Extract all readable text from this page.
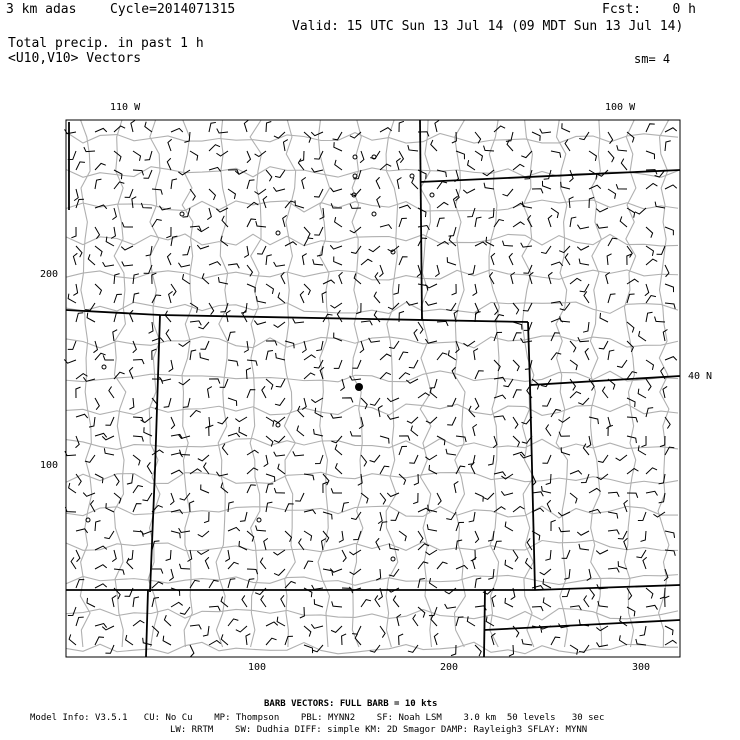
3 km adas	Cycle=2014071315	Fcst:    0 h
Valid: 15 UTC Sun 13 Jul 14 (09 MDT Sun 13 Jul 14)
Total precip. in past 1 h
<U10,V10> Vectors	sm= 4
110 W	100 W
200
100
100	200	300
40 N
BARB VECTORS: FULL BARB = 10 kts
Model Info: V3.5.1   CU: No Cu    MP: Thompson    PBL: MYNN2    SF: Noah LSM    3.0 km  50 levels   30 sec
LW: RRTM    SW: Dudhia DIFF: simple KM: 2D Smagor DAMP: Rayleigh3 SFLAY: MYNN
